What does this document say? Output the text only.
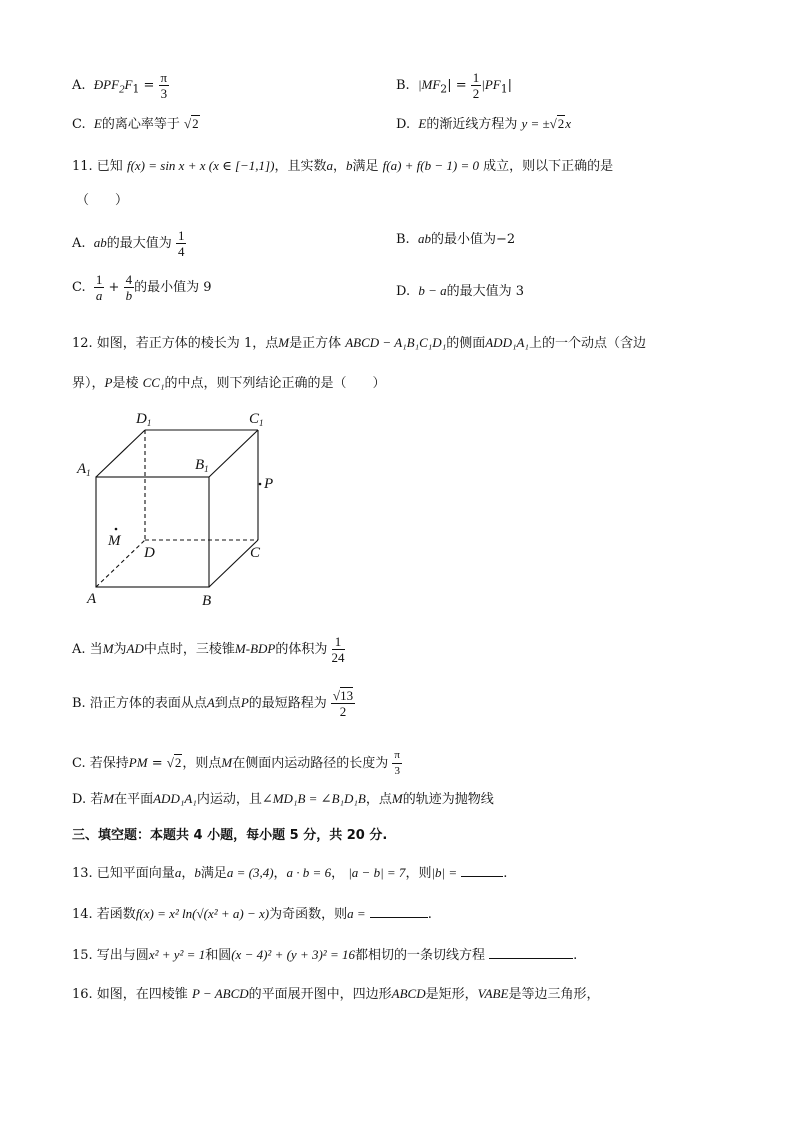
A. $ÐPF_2F_1 = \frac{\pi}{3}$	B. $|MF_2| = \frac{1}{2} |PF_1|$
C. E的离心率等于 √2	D. E的渐近线方程为 y = ±√2x
11. 已知 f(x) = sin x + x (x ∈ [−1,1])，且实数a，b满足 f(a) + f(b − 1) = 0 成立，则以下正确的是
（　　）
A. ab的最大值为 $\frac{1}{4}$	B. ab的最小值为−2
C. $\frac{1}{a} + \frac{4}{b}$ 的最小值为 9	D. b − a的最大值为 3
12. 如图，若正方体的棱长为 1，点M是正方体 ABCD − A₁B₁C₁D₁的侧面ADD₁A₁上的一个动点（含边
界），P是棱 CC₁的中点，则下列结论正确的是（　　）
$D_1$	$C_1$
$A_1$	$B_1$
P
M
D	C
A	B
A. 当M为AD中点时，三棱锥M-BDP的体积为 $\frac{1}{24}$
B. 沿正方体的表面从点A到点P的最短路程为 $\frac{√13}{2}$
C. 若保持PM = √2，则点M在侧面内运动路径的长度为 $\frac{\pi}{3}$
D. 若M在平面ADD₁A₁内运动，且∠MD₁B = ∠B₁D₁B，点M的轨迹为抛物线
三、填空题：本题共 4 小题，每小题 5 分，共 20 分.
13. 已知平面向量a，b满足a = (3,4)，a · b = 6， |a − b| = 7，则|b| =	.
14. 若函数f(x) = x² ln(√(x² + a) − x)为奇函数，则a =	.
15. 写出与圆x² + y² = 1和圆(x − 4)² + (y + 3)² = 16都相切的一条切线方程	.
16. 如图，在四棱锥 P − ABCD的平面展开图中，四边形ABCD是矩形，VABE是等边三角形，
